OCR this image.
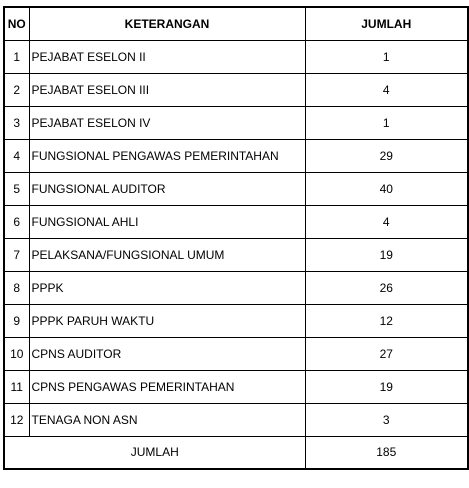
NO	KETERANGAN	JUMLAH
1	PEJABAT ESELON II	1
2	PEJABAT ESELON III	4
3	PEJABAT ESELON IV	1
4	FUNGSIONAL PENGAWAS PEMERINTAHAN	29
5	FUNGSIONAL AUDITOR	40
6	FUNGSIONAL AHLI	4
7	PELAKSANA/FUNGSIONAL UMUM	19
8	PPPK	26
9	PPPK PARUH WAKTU	12
10	CPNS AUDITOR	27
11	CPNS PENGAWAS PEMERINTAHAN	19
12	TENAGA NON ASN	3
JUMLAH		185
